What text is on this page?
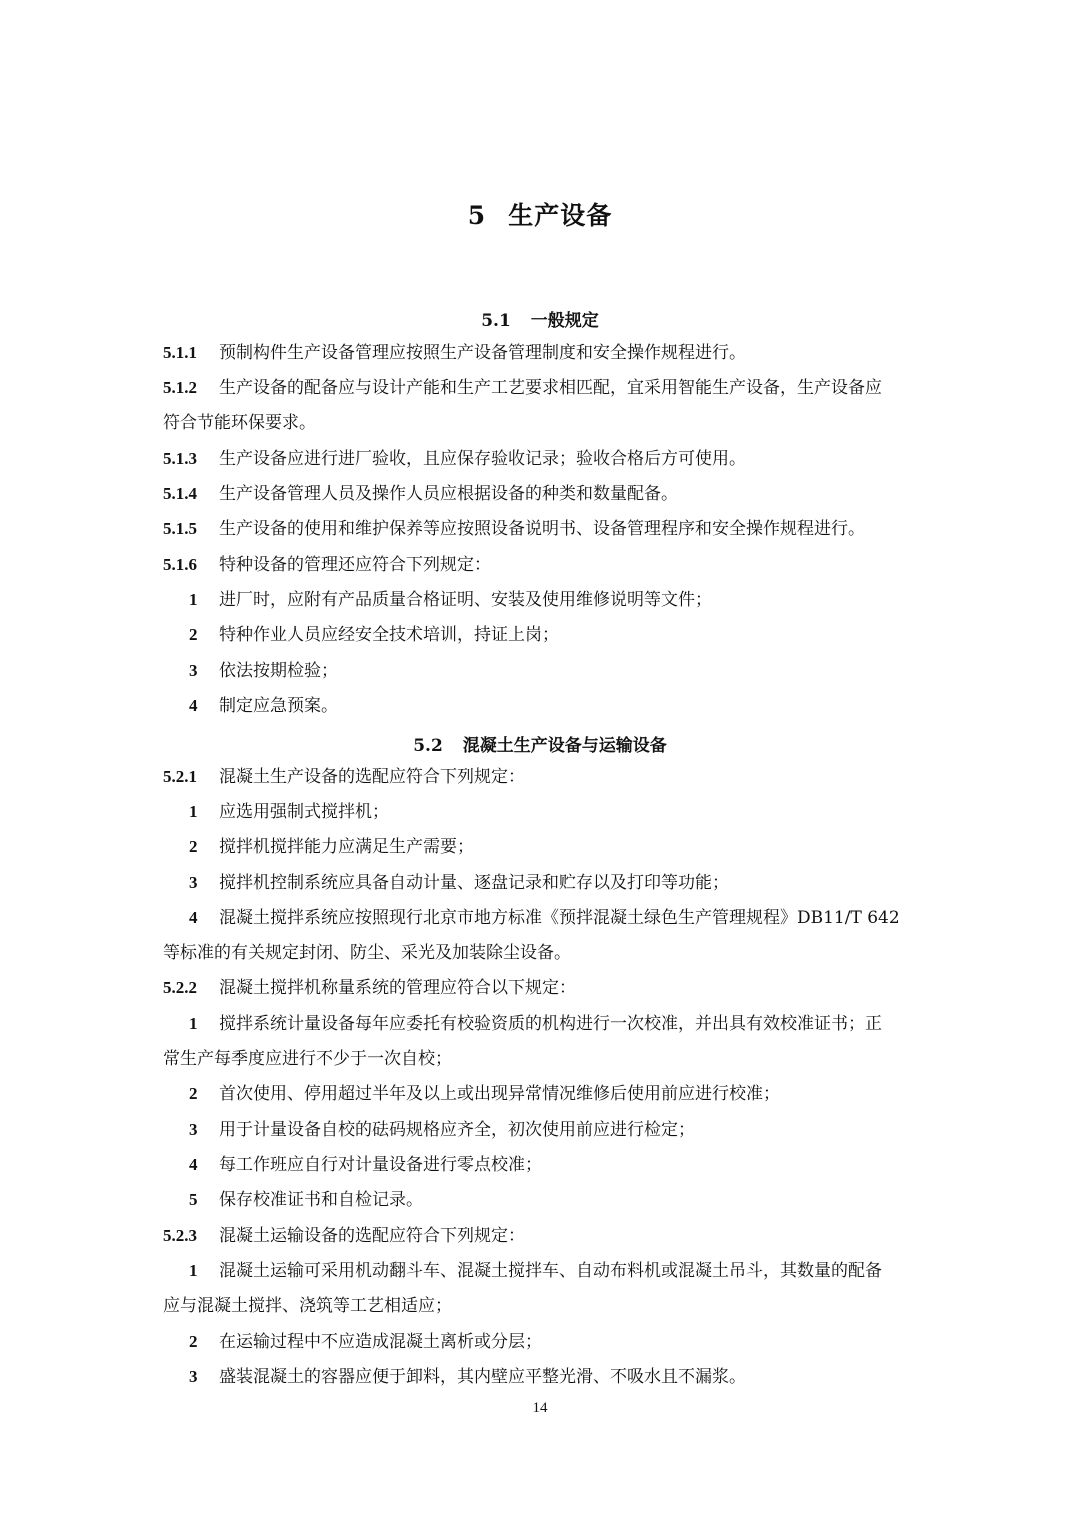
5 生产设备
5.1 一般规定
5.1.1 预制构件生产设备管理应按照生产设备管理制度和安全操作规程进行。
5.1.2 生产设备的配备应与设计产能和生产工艺要求相匹配，宜采用智能生产设备，生产设备应
符合节能环保要求。
5.1.3 生产设备应进行进厂验收，且应保存验收记录；验收合格后方可使用。
5.1.4 生产设备管理人员及操作人员应根据设备的种类和数量配备。
5.1.5 生产设备的使用和维护保养等应按照设备说明书、设备管理程序和安全操作规程进行。
5.1.6 特种设备的管理还应符合下列规定：
1 进厂时，应附有产品质量合格证明、安装及使用维修说明等文件；
2 特种作业人员应经安全技术培训，持证上岗；
3 依法按期检验；
4 制定应急预案。
5.2 混凝土生产设备与运输设备
5.2.1 混凝土生产设备的选配应符合下列规定：
1 应选用强制式搅拌机；
2 搅拌机搅拌能力应满足生产需要；
3 搅拌机控制系统应具备自动计量、逐盘记录和贮存以及打印等功能；
4 混凝土搅拌系统应按照现行北京市地方标准《预拌混凝土绿色生产管理规程》DB11/T 642
等标准的有关规定封闭、防尘、采光及加装除尘设备。
5.2.2 混凝土搅拌机称量系统的管理应符合以下规定：
1 搅拌系统计量设备每年应委托有校验资质的机构进行一次校准，并出具有效校准证书；正
常生产每季度应进行不少于一次自校；
2 首次使用、停用超过半年及以上或出现异常情况维修后使用前应进行校准；
3 用于计量设备自校的砝码规格应齐全，初次使用前应进行检定；
4 每工作班应自行对计量设备进行零点校准；
5 保存校准证书和自检记录。
5.2.3 混凝土运输设备的选配应符合下列规定：
1 混凝土运输可采用机动翻斗车、混凝土搅拌车、自动布料机或混凝土吊斗，其数量的配备
应与混凝土搅拌、浇筑等工艺相适应；
2 在运输过程中不应造成混凝土离析或分层；
3 盛装混凝土的容器应便于卸料，其内壁应平整光滑、不吸水且不漏浆。
14
